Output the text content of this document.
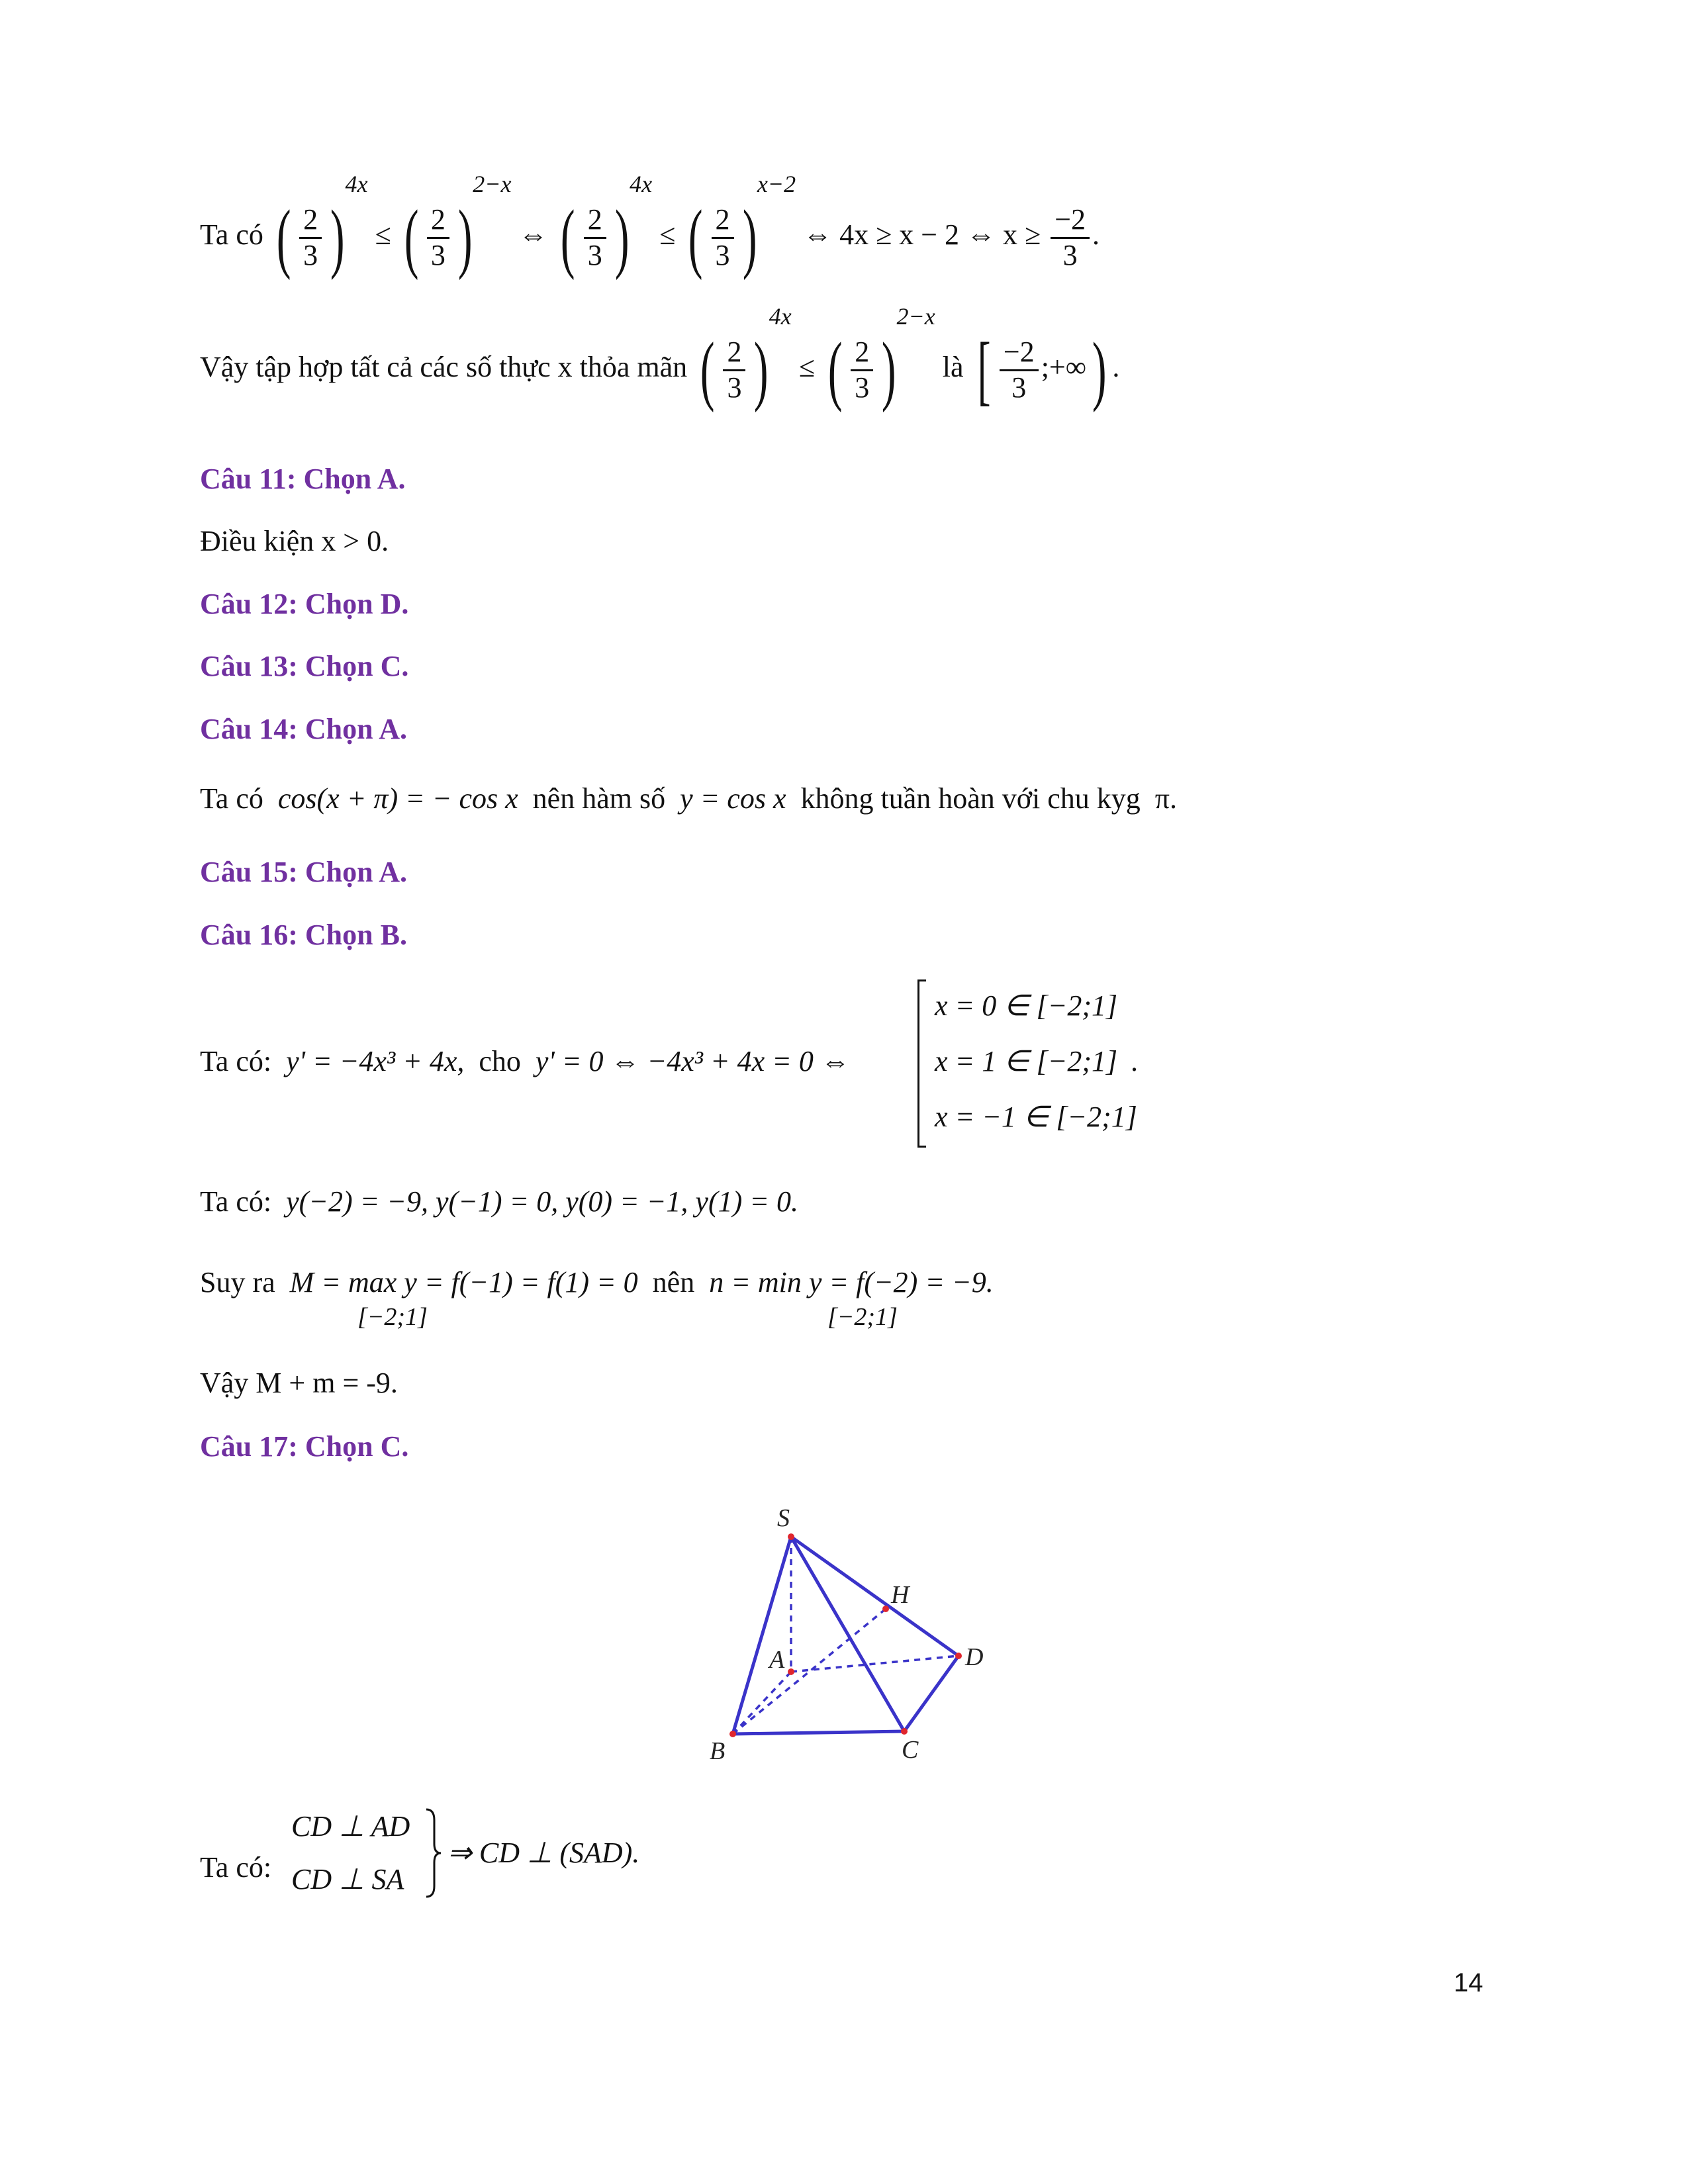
Ta có ( $\frac{2}{3} )4x$ ≤ ( $\frac{2}{3} )2-x$ ⇔ ( $\frac{2}{3} )4x$ ≤ ( $\frac{2}{3} )x-2$ ⇔ 4x ≥ x − 2 ⇔ $x \ge \frac{-2}{3}$ .
Vậy tập hợp tất cả các số thực x thỏa mãn ( $\frac{2}{3} )4x$ ≤ ( $\frac{2}{3} )2-x$ là [ $\frac{-2}{3}$ ;+∞) .
Câu 11: Chọn A.
Điều kiện x > 0.
Câu 12: Chọn D.
Câu 13: Chọn C.
Câu 14: Chọn A.
Ta có cos(x + π) = − cos x nên hàm số y = cos x không tuần hoàn với chu kyg π.
Câu 15: Chọn A.
Câu 16: Chọn B.
Ta có: y' = −4x³ + 4x, cho y' = 0 ⇔ −4x³ + 4x = 0 ⇔
x = 0 ∈ [−2;1]
x = 1 ∈ [−2;1]
x = −1 ∈ [−2;1]
.
Ta có: y(−2) = −9, y(−1) = 0, y(0) = −1, y(1) = 0.
Suy ra M = max y = f(−1) = f(1) = 0 nên n = min y = f(−2) = −9.
[−2;1]	[−2;1]
Vậy M + m = -9.
Câu 17: Chọn C.
S
H
A	D
B	C
Ta có:
CD ⊥ AD
CD ⊥ SA
⇒ CD ⊥ (SAD).
14
